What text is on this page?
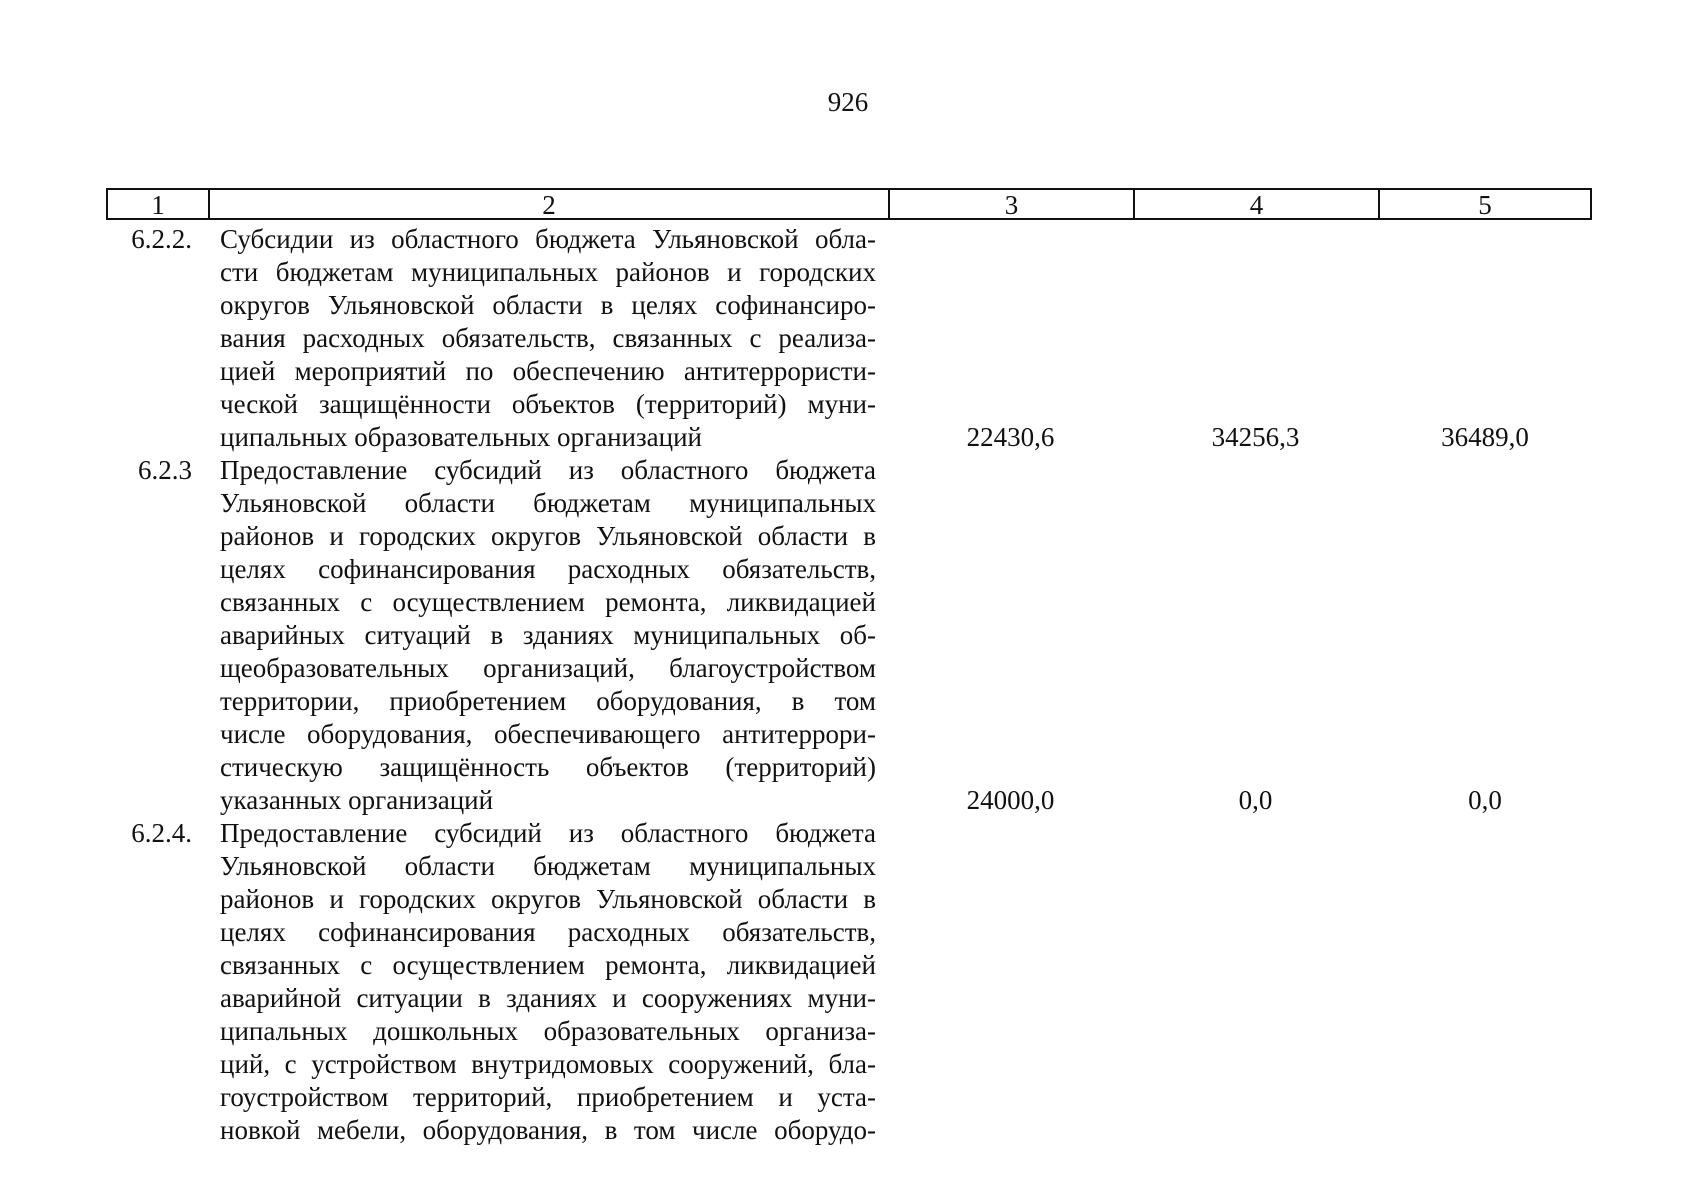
926
1	2	3	4	5
6.2.2. Субсидии из областного бюджета Ульяновской обла-
сти бюджетам муниципальных районов и городских
округов Ульяновской области в целях софинансиро-
вания расходных обязательств, связанных с реализа-
цией мероприятий по обеспечению антитеррористи-
ческой защищённости объектов (территорий) муни-
ципальных образовательных организаций	22430,6	34256,3	36489,0
6.2.3 Предоставление субсидий из областного бюджета
Ульяновской области бюджетам муниципальных
районов и городских округов Ульяновской области в
целях софинансирования расходных обязательств,
связанных с осуществлением ремонта, ликвидацией
аварийных ситуаций в зданиях муниципальных об-
щеобразовательных организаций, благоустройством
территории, приобретением оборудования, в том
числе оборудования, обеспечивающего антитеррори-
стическую защищённость объектов (территорий)
указанных организаций	24000,0	0,0	0,0
6.2.4. Предоставление субсидий из областного бюджета
Ульяновской области бюджетам муниципальных
районов и городских округов Ульяновской области в
целях софинансирования расходных обязательств,
связанных с осуществлением ремонта, ликвидацией
аварийной ситуации в зданиях и сооружениях муни-
ципальных дошкольных образовательных организа-
ций, с устройством внутридомовых сооружений, бла-
гоустройством территорий, приобретением и уста-
новкой мебели, оборудования, в том числе оборудо-
